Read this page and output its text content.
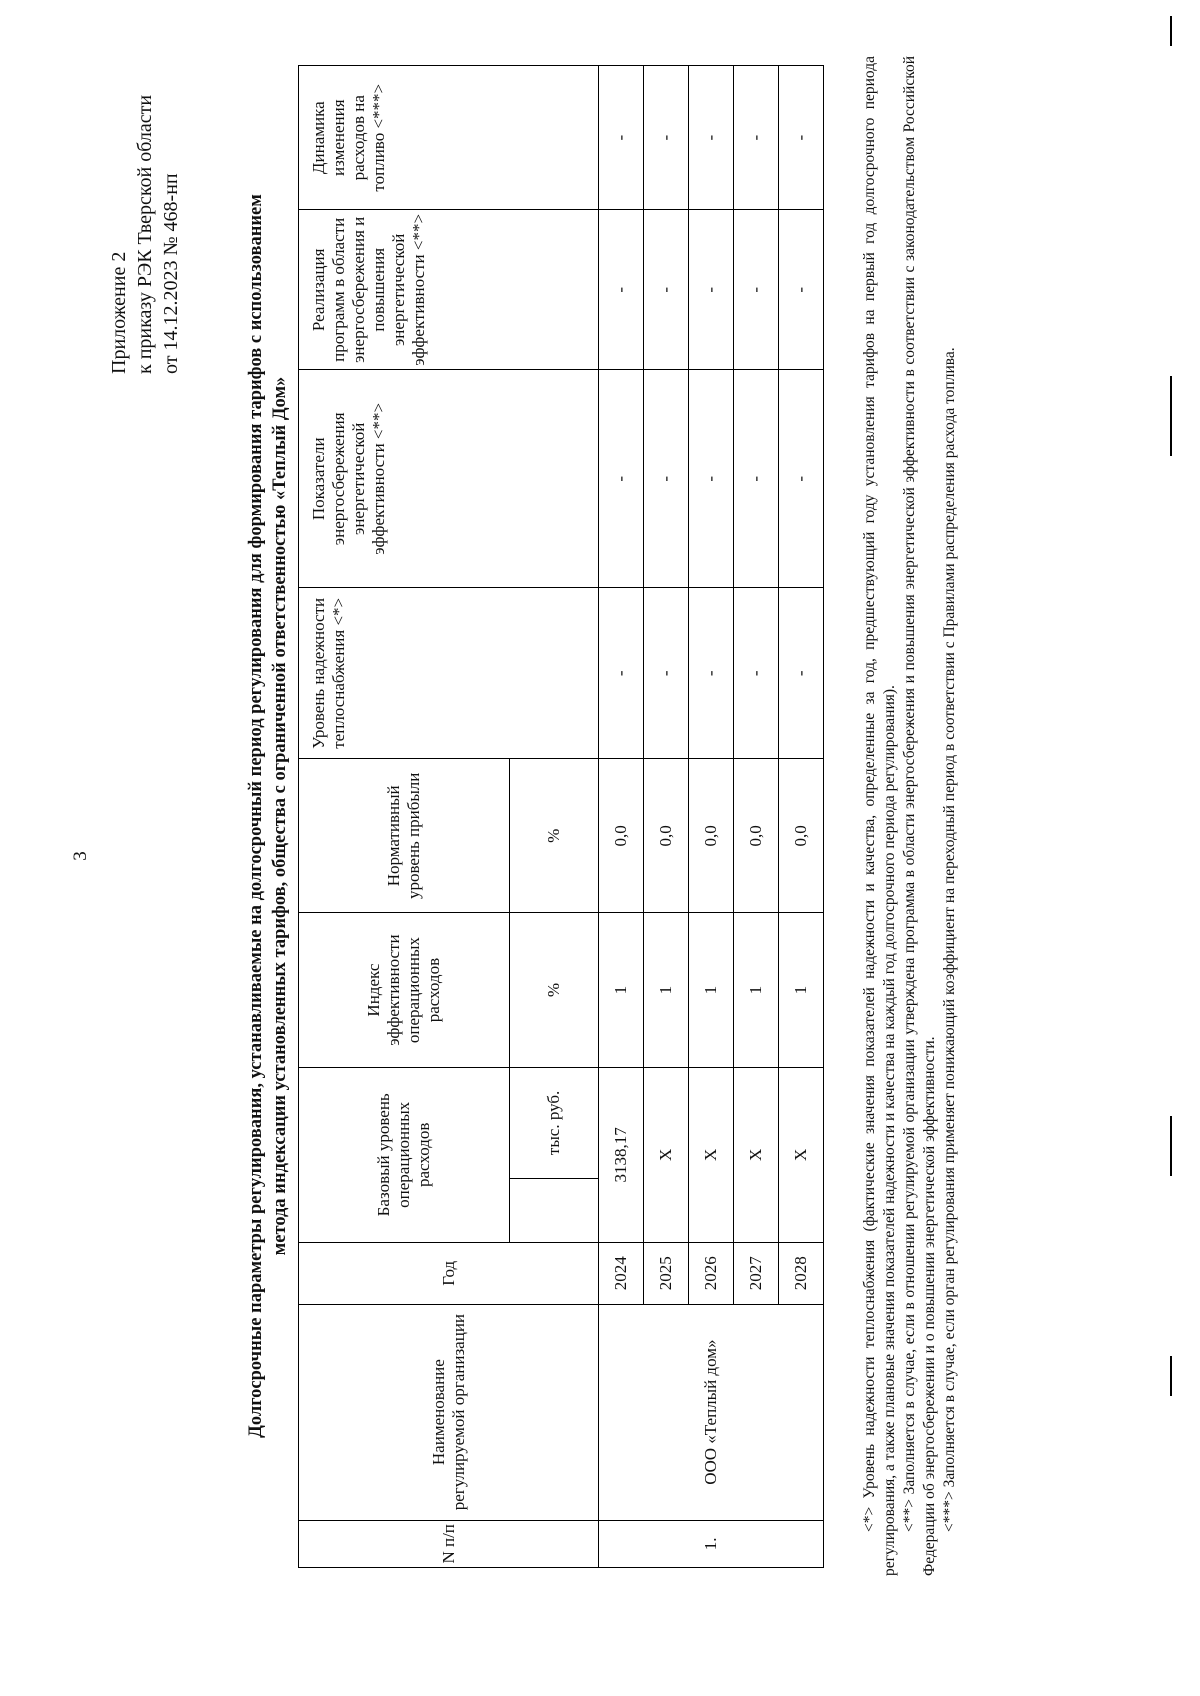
3
Приложение 2 к приказу РЭК Тверской области от 14.12.2023 № 468-нп	Долгосрочные параметры регулирования, устанавливаемые на долгосрочный период регулирования для формирования тарифов с использованием метода индексации установленных тарифов, общества с ограниченной ответственностью «Теплый Дом»
N п/п	Наименование регулируемой организации	Год	Базовый уровень операционных расходов		Индекс эффективности операционных расходов	Нормативный уровень прибыли	Уровень надежности теплоснабжения <*>	Показатели энергосбережения энергетической эффективности <**>	Реализация программ в области энергосбережения и повышения энергетической эффективности <**>	Динамика изменения расходов на топливо <***>
				тыс. руб.	%	%				
1.	ООО «Теплый дом»	2024	3138,17		1	0,0	-	-	-	-
		2025	Х		1	0,0	-	-	-	-
		2026	Х		1	0,0	-	-	-	-
		2027	Х		1	0,0	-	-	-	-
		2028	Х		1	0,0	-	-	-	-	<*> Уровень надежности теплоснабжения (фактические значения показателей надежности и качества, определенные за год, предшествующий году установления тарифов на первый год долгосрочного периода регулирования, а также плановые значения показателей надежности и качества на каждый год долгосрочного периода регулирования). <**> Заполняется в случае, если в отношении регулируемой организации утверждена программа в области энергосбережения и повышения энергетической эффективности в соответствии с законодательством Российской Федерации об энергосбережении и о повышении энергетической эффективности. <***> Заполняется в случае, если орган регулирования применяет понижающий коэффициент на переходный период в соответствии с Правилами распределения расхода топлива.
